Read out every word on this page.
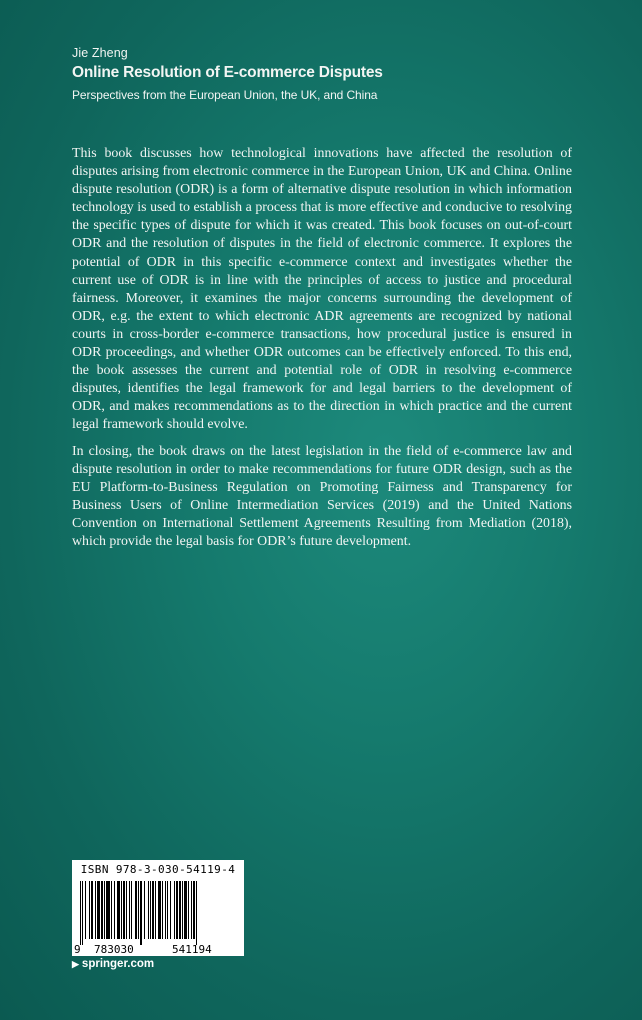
Jie Zheng

Online Resolution of E-commerce Disputes

Perspectives from the European Union, the UK, and China

This book discusses how technological innovations have affected the resolution of disputes arising from electronic commerce in the European Union, UK and China. Online dispute resolution (ODR) is a form of alternative dispute resolution in which information technology is used to establish a process that is more effective and conducive to resolving the specific types of dispute for which it was created. This book focuses on out-of-court ODR and the resolution of disputes in the field of electronic commerce. It explores the potential of ODR in this specific e-commerce context and investigates whether the current use of ODR is in line with the principles of access to justice and procedural fairness. Moreover, it examines the major concerns surrounding the development of ODR, e.g. the extent to which electronic ADR agreements are recognized by national courts in cross-border e-commerce transactions, how procedural justice is ensured in ODR proceedings, and whether ODR outcomes can be effectively enforced. To this end, the book assesses the current and potential role of ODR in resolving e-commerce disputes, identifies the legal framework for and legal barriers to the development of ODR, and makes recommendations as to the direction in which practice and the current legal framework should evolve.

In closing, the book draws on the latest legislation in the field of e-commerce law and dispute resolution in order to make recommendations for future ODR design, such as the EU Platform-to-Business Regulation on Promoting Fairness and Transparency for Business Users of Online Intermediation Services (2019) and the United Nations Convention on International Settlement Agreements Resulting from Mediation (2018), which provide the legal basis for ODR’s future development.

ISBN 978-3-030-54119-4
9 783030	541194
▶ springer.com
